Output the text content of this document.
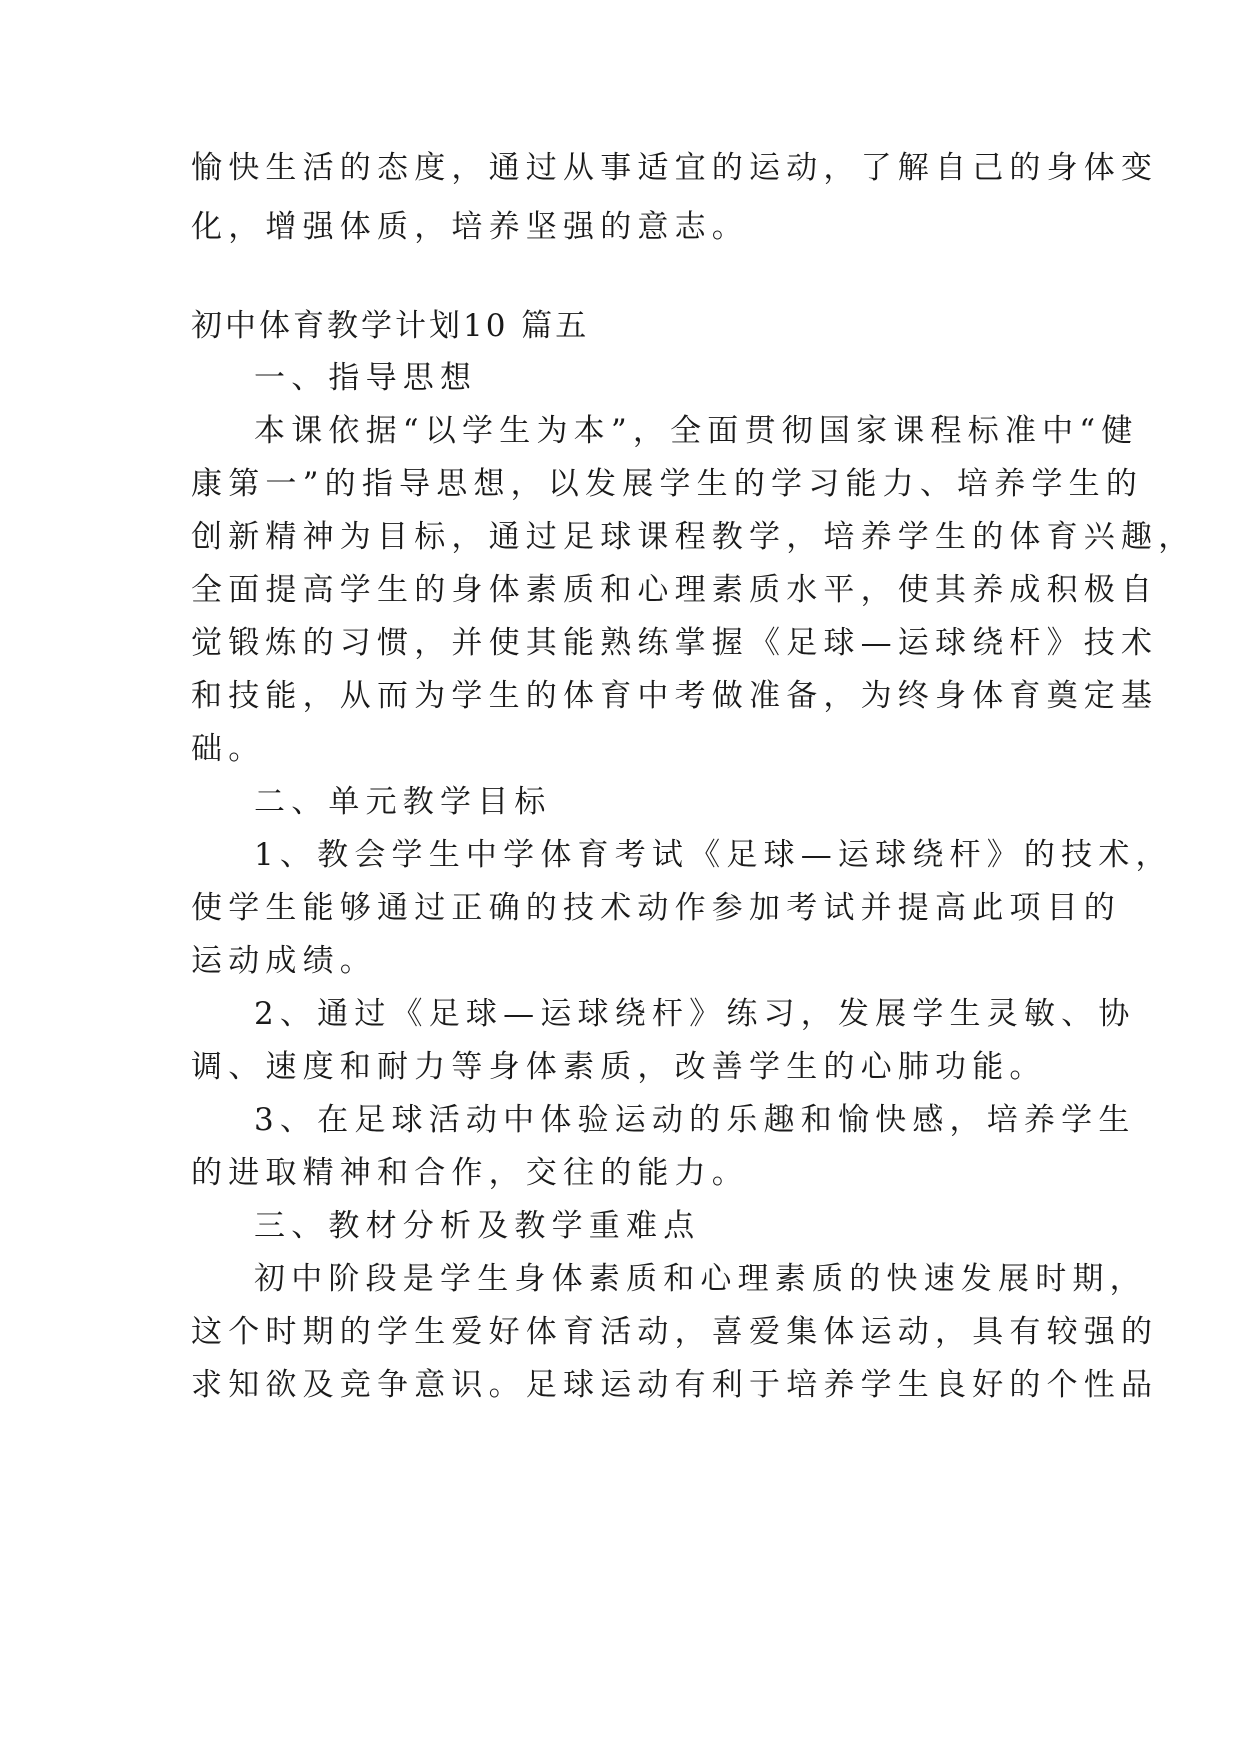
愉快生活的态度，通过从事适宜的运动，了解自己的身体变
化，增强体质，培养坚强的意志。
初中体育教学计划10 篇五
一、指导思想
本课依据“以学生为本”，全面贯彻国家课程标准中“健
康第一”的指导思想，以发展学生的学习能力、培养学生的
创新精神为目标，通过足球课程教学，培养学生的体育兴趣，
全面提高学生的身体素质和心理素质水平，使其养成积极自
觉锻炼的习惯，并使其能熟练掌握《足球—运球绕杆》技术
和技能，从而为学生的体育中考做准备，为终身体育奠定基
础。
二、单元教学目标
1、教会学生中学体育考试《足球—运球绕杆》的技术，
使学生能够通过正确的技术动作参加考试并提高此项目的
运动成绩。
2、通过《足球—运球绕杆》练习，发展学生灵敏、协
调、速度和耐力等身体素质，改善学生的心肺功能。
3、在足球活动中体验运动的乐趣和愉快感，培养学生
的进取精神和合作，交往的能力。
三、教材分析及教学重难点
初中阶段是学生身体素质和心理素质的快速发展时期，
这个时期的学生爱好体育活动，喜爱集体运动，具有较强的
求知欲及竞争意识。足球运动有利于培养学生良好的个性品
